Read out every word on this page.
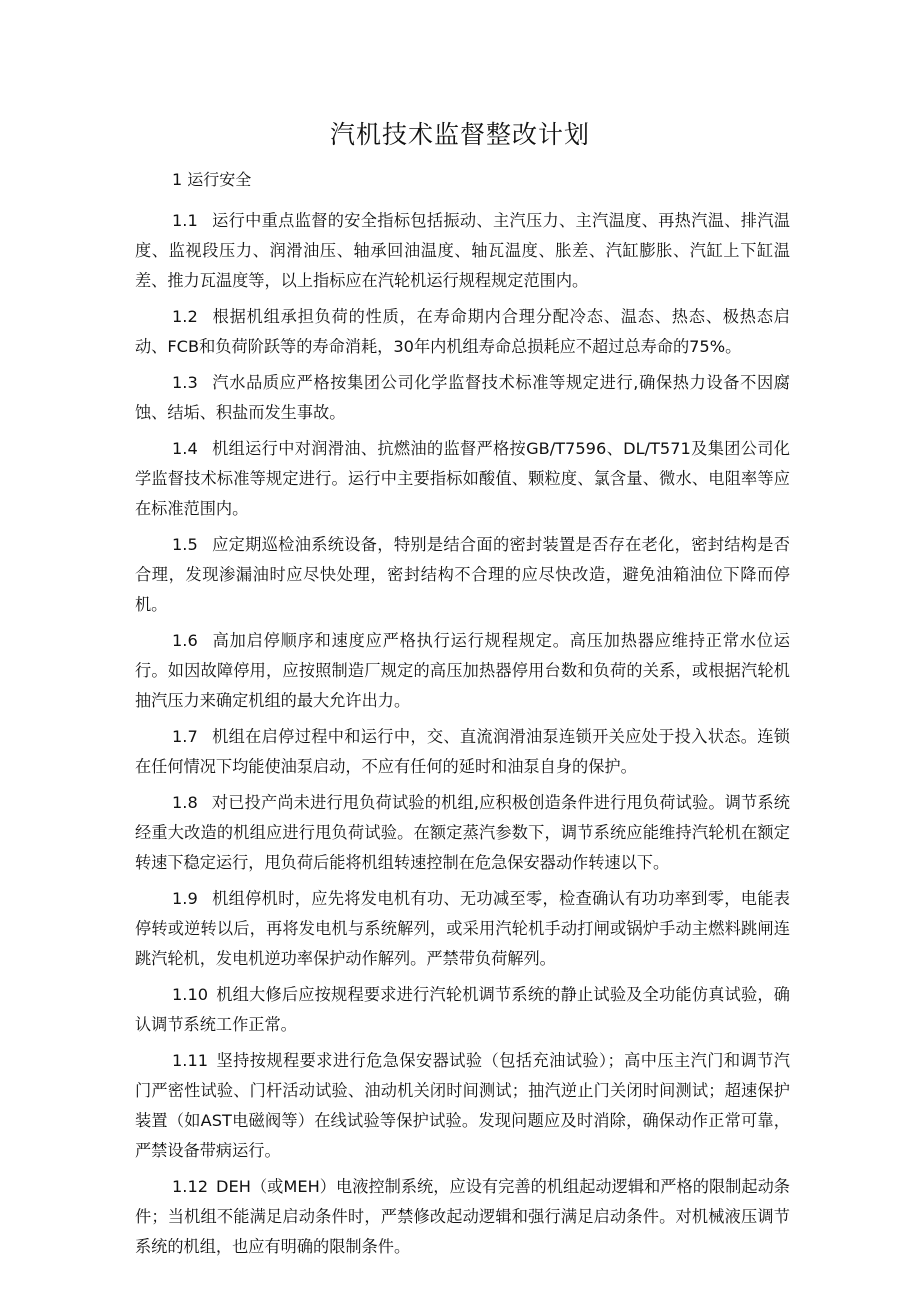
汽机技术监督整改计划
1 运行安全

1.1 运行中重点监督的安全指标包括振动、主汽压力、主汽温度、再热汽温、排汽温度、监视段压力、润滑油压、轴承回油温度、轴瓦温度、胀差、汽缸膨胀、汽缸上下缸温差、推力瓦温度等，以上指标应在汽轮机运行规程规定范围内。

1.2 根据机组承担负荷的性质，在寿命期内合理分配冷态、温态、热态、极热态启动、FCB和负荷阶跃等的寿命消耗，30年内机组寿命总损耗应不超过总寿命的75%。

1.3 汽水品质应严格按集团公司化学监督技术标准等规定进行,确保热力设备不因腐蚀、结垢、积盐而发生事故。

1.4 机组运行中对润滑油、抗燃油的监督严格按GB/T7596、DL/T571及集团公司化学监督技术标准等规定进行。运行中主要指标如酸值、颗粒度、氯含量、微水、电阻率等应在标准范围内。

1.5 应定期巡检油系统设备，特别是结合面的密封装置是否存在老化，密封结构是否合理，发现渗漏油时应尽快处理，密封结构不合理的应尽快改造，避免油箱油位下降而停机。

1.6 高加启停顺序和速度应严格执行运行规程规定。高压加热器应维持正常水位运行。如因故障停用，应按照制造厂规定的高压加热器停用台数和负荷的关系，或根据汽轮机抽汽压力来确定机组的最大允许出力。

1.7 机组在启停过程中和运行中，交、直流润滑油泵连锁开关应处于投入状态。连锁在任何情况下均能使油泵启动，不应有任何的延时和油泵自身的保护。

1.8 对已投产尚未进行甩负荷试验的机组,应积极创造条件进行甩负荷试验。调节系统经重大改造的机组应进行甩负荷试验。在额定蒸汽参数下，调节系统应能维持汽轮机在额定转速下稳定运行，甩负荷后能将机组转速控制在危急保安器动作转速以下。

1.9 机组停机时，应先将发电机有功、无功减至零，检查确认有功功率到零，电能表停转或逆转以后，再将发电机与系统解列，或采用汽轮机手动打闸或锅炉手动主燃料跳闸连跳汽轮机，发电机逆功率保护动作解列。严禁带负荷解列。

1.10 机组大修后应按规程要求进行汽轮机调节系统的静止试验及全功能仿真试验，确认调节系统工作正常。

1.11 坚持按规程要求进行危急保安器试验（包括充油试验）；高中压主汽门和调节汽门严密性试验、门杆活动试验、油动机关闭时间测试；抽汽逆止门关闭时间测试；超速保护装置（如AST电磁阀等）在线试验等保护试验。发现问题应及时消除，确保动作正常可靠，严禁设备带病运行。

1.12 DEH（或MEH）电液控制系统，应设有完善的机组起动逻辑和严格的限制起动条件；当机组不能满足启动条件时，严禁修改起动逻辑和强行满足启动条件。对机械液压调节系统的机组，也应有明确的限制条件。
